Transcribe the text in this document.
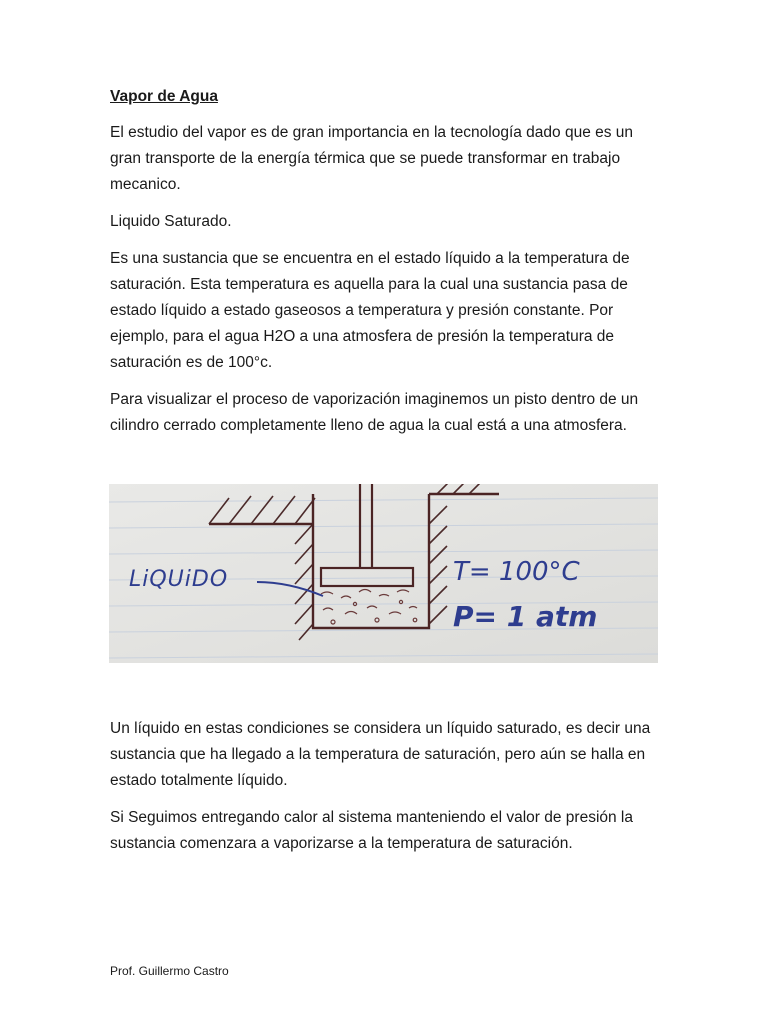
Vapor de Agua

El estudio del vapor es de gran importancia en la tecnología dado que es un gran transporte de la energía térmica que se puede transformar en trabajo mecanico.

Liquido Saturado.

Es una sustancia que se encuentra en el estado líquido a la temperatura de saturación. Esta temperatura es aquella para la cual una sustancia pasa de estado líquido a estado gaseosos a temperatura y presión constante. Por ejemplo, para el agua H2O a una atmosfera de presión la temperatura de saturación es de 100°c.

Para visualizar el proceso de vaporización imaginemos un pisto dentro de un cilindro cerrado completamente lleno de agua la cual está a una atmosfera.

LiQUiDO	T= 100°C
P= 1 atm

Un líquido en estas condiciones se considera un líquido saturado, es decir una sustancia que ha llegado a la temperatura de saturación, pero aún se halla en estado totalmente líquido.

Si Seguimos entregando calor al sistema manteniendo el valor de presión la sustancia comenzara a vaporizarse a la temperatura de saturación.

Prof. Guillermo Castro
